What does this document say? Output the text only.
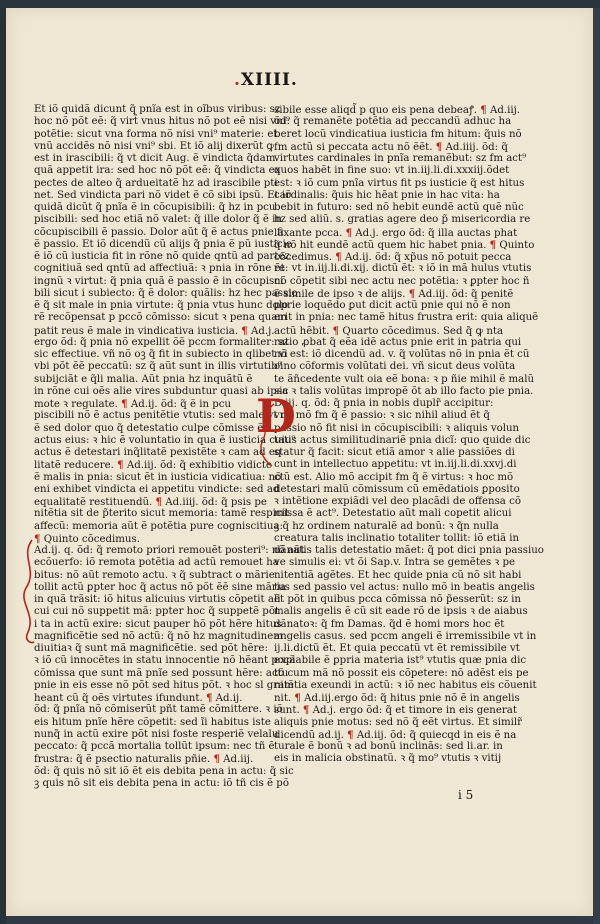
.XIIII.
Et iõ quidã dicunt q̃ pnĩa est in oĩbus viribus: sz
hoc nõ põt eẽ: q̃ virt̃ vnus hitus nõ pot eẽ nisi vni⁹
potẽtie: sicut vna forma nõ nisi vni⁹ materie: et
vnũ accidẽs nõ nisi vni⁹ sbi. Et iõ alij dixerũt ꝙ
est in irascibili: q̃ vt dicit Aug. ẽ vindicta q̃dam
quã appetit ira: sed hoc nõ põt eẽ: q̃ vindicta ex
pectes de alteo q̃ ardueitatẽ hz ad irascibile pti
net. Sed vindicta pari nõ videt ẽ cõ sibi ipsũ. Et iõ
quidã dicũt q̃ pnĩa ẽ in cõcupisibili: q̃ hz in pcu
piscibili: sed hoc etiã nõ valet: q̃ ille dolor q̃ ẽ in
cõcupiscibili ẽ passio. Dolor aũt q̃ ẽ actus pnie fi
ẽ passio. Et iõ dicendũ cũ alijs q̃ pnia ẽ pũ iusticie
ẽ iõ cũ iusticia fit in rõne nõ quide qntũ ad partez
cognitiuã sed qntũ ad affectiuã: ꝛ pnia in rõne ẽt
ingnũ ꝛ virtut: q̃ pnia quã ẽ passio ẽ in cõcupisci
bili sicut i subiecto: q̃ ẽ dolor: quãlis: hz hec passio
ẽ q̃ sit male in pnia virtute: q̃ pnia vtus hunc dolo
rẽ recõpensat p pccõ cõmisso: sicut ꝛ pena quam
patit reus ẽ male in vindicativa iusticia. ¶ Ad.j.
ergo õd: q̃ pnia nõ expellit õẽ pccm formaliter: sz
sic effectiue. vñ nõ oꝫ q̃ fit in subiecto in qlibet vi
vbi põt ẽẽ peccatũ: sz q̃ aũt sunt in illis virtutib⁹
subijciãt e q̃li malia. Aũt pnia hz inquãtũ ẽ
in rõne cui oẽs alie vires subduntur quasi ab ipsa
mote ꝛ regulate. ¶ Ad.ij. õd: q̃ ẽ in pcu
piscibili nõ ẽ actus penitẽtie vtutis: sed male vt c
ẽ sed dolor quo q̃ detestatio culpe cõmisse ẽt
actus eius: ꝛ hic ẽ voluntatio in qua ẽ iusticia cuiu⁹
actus ẽ detestari inq̃litatẽ pexistẽte ꝛ cam ad eq
litatẽ reducere. ¶ Ad.iij. õd: q̃ exhibitio vidicte
ẽ malis in pnia: sicut ẽt in iusticia vidicatiua: nõ
eni exhibet vindicta ei appetitu vindicte: sed ad
equalitatẽ restituendũ. ¶ Ad.iiij. õd: q̃ psis pe
nitẽtia sit de p̃terito sicut memoria: tamẽ respicit
affecũ: memoria aũt ẽ potẽtia pure cogniscitiua:
¶ Quinto cõcedimus.
Ad.ij. q. õd: q̃ remoto priori remouẽt posteri⁹: nõ aũt
ecõuerfo: iõ remota potẽtia ad actũ remouet ha
bitus: nõ aũt remoto actu. ꝛ q̃ subtract o mãrie
tollit actũ ꝑpter hoc q̃ actus nõ põt ẽẽ sine mãria
in quã trãsit: iõ hitus alicuius virtutis cõpetit ali
cui cui nõ suppetit mã: ppter hoc q̃ suppetẽ põt
i ta in actũ exire: sicut pauper hõ põt hẽre hitus
magnificẽtie sed nõ actũ: q̃ nõ hz magnitudinem
diuitiaꝛ q̃ sunt mã magnificẽtie. sed põt hẽre:
ꝛ iõ cũ innocẽtes in statu innocentie nõ hẽant pccã
cõmissa que sunt mã pnĩe sed possunt hẽre: actu
pnie in eis esse nõ põt sed hitus põt. ꝛ hoc sl gram
heant cũ q̃ oẽs virtutes ifundunt. ¶ Ad.ij.
õd: q̃ pnĩa nõ cõmiserũt pñt tamẽ cõmittere. ꝛ iõ
eis hitum pnĩe hẽre cõpetit: sed ĩi habitus iste
nunq̃ in actũ exire põt nisi foste resperiẽ velalu
peccato: q̃ pccã mortalia tollũt ipsum: nec tñ ẽ
frustra: q̃ ẽ psectio naturalis pñie. ¶ Ad.iij.
õd: q̃ quis nõ sit iõ ẽt eis debita pena in actu: q̃ sic
ꝫ quis nõ sit eis debita pena in actu: iõ tñ cis ẽ põ
sibile esse aliqd̃ p quo eis pena debeaꝭ. ¶ Ad.iij.
õd: q̃ remanẽte potẽtia ad peccandũ adhuc ha
beret locũ vindicatiua iusticia fm hitum: q̃uis nõ
fm actũ si peccata actu nõ ẽẽt. ¶ Ad.iiij. õd: q̃
virtutes cardinales in pnĩa remanẽbut: sz fm act⁹
quos habẽt in fine suo: vt in.iij.li.di.xxxiij.õdet
est: ꝛ iõ cum pnĩa virtus fit ps iusticie q̃ est hitus
cardinalis: q̃uis hic hẽat pnie in hac vita: ha
bebit in futuro: sed nõ hebit eundẽ actũ quẽ nũc
hz sed aliũ. s. gratias agere deo p̃ misericordia re
laxante pcca. ¶ Ad.j. ergo õd: q̃ illa auctas phat
q̃ nõ hit eundẽ actũ quem hic habet pnia. ¶ Quinto
cõcedimus. ¶ Ad.ij. õd: q̃ xp̃us nõ potuit pecca
re: vt in.iij.li.di.xij. dictũ ẽt: ꝛ iõ in mã hulus vtutis
nõ cõpetit sibi nec actu nec potẽtia: ꝛ ꝑpter hoc ñ
ẽ simile de ipso ꝛ de alijs. ¶ Ad.iij. õd: q̃ penitẽ
ꝑprie loquẽdo ꝑut dicit actũ pnie qui nõ ẽ non
erit in pnia: nec tamẽ hitus frustra erit: quia aliquẽ
actũ hẽbit. ¶ Quarto cõcedimus. Sed q̃ ꝙ nta
ratio ꝓbat q̃ eẽa idẽ actus pnie erit in patria qui
nõ est: iõ dicendũ ad. v. q̃ volũtas nõ in pnia ẽt cũ
oino cõformis volũtati dei. vñ sicut deus volũta
te ãñcedente vult oia eẽ bona: ꝛ p ñie mihil ẽ malũ
sic ꝛ talis volũtas impropẽ õt ab illo facto pie pnia.
D.iij. q. õd: q̃ pnia in nobis duplr̃ accipitur:
vno mõ fm q̃ ẽ passio: ꝛ sic nihil aliud ẽt q̃
passio nõ fit nisi in cõcupiscibili: ꝛ aliquis volun
tatis actus similitudinariẽ pnia dicĩ: quo quide dic
statur q̃ facit: sicut etiã amor ꝛ alie passiões di
cunt in intellectuo appetitu: vt in.iij.li.di.xxvj.di
ctũ est. Alio mõ accipit fm q̃ ẽ virtus: ꝛ hoc mõ
detestari malũ cõmissum cũ emẽdatiois ꝑposito
ꝛ intẽtione expiãdi vel deo placãdi de offensa cõ
missa ẽ act⁹. Detestatio aũt mali copetit alicui
ꝫ q̃ hz ordinem naturalẽ ad bonũ: ꝛ q̃n nulla
creatura talis inclinatio totaliter tollit: iõ etiã in
dãnatis talis detestatio mãet: q̃ pot dici pnia passiuo
ve simulis ei: vt õi Sap.v. Intra se gemẽtes ꝛ pe
nitentiã agẽtes. Et hec quide pnia cũ nõ sit habi
tus sed passio vel actus: nullo mõ in beatis angelis
ẽt põt in quibus pcca cõmissa nõ p̃esserũt: sz in
malis angelis ẽ cũ sit eade rõ de ipsis ꝛ de aiabus
dãnatoꝛ: q̃ fm Damas. q̃d ẽ homi mors hoc ẽt
angelis casus. sed pccm angeli ẽ irremissibile vt in
ij.li.dictũ ẽt. Et quia peccatũ vt ẽt remissibile vt
expiabile ẽ ꝑpria materia ist⁹ vtutis quæ pnia dic
tõ cum mã nõ possit eis cõpetere: nõ adẽst eis pe
nitẽtia exeundi in actũ: ꝛ iõ nec habitus eis cõuenit
nit. ¶ Ad.iij.ergo õd: q̃ hitus pnie nõ ẽ in angelis
sunt. ¶ Ad.j. ergo õd: q̃ et timore in eis generat
aliquis pnie motus: sed nõ q̃ eẽt virtus. Et similr̃
dicendũ ad.ij. ¶ Ad.iij. õd: q̃ quiecqd in eis ẽ na
turale ẽ bonũ ꝛ ad bonũ inclinãs: sed li.ar. in
eis in malicia obstinatũ. ꝛ q̃ mo⁹ vtutis ꝛ vitij
D
i 5
